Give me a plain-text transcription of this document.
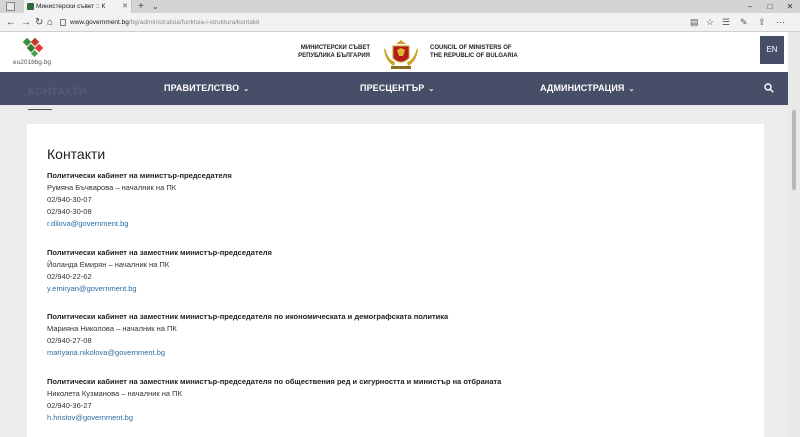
Министерски съвет :: К ✕ + ⌄	–	□	✕
← → ↻ ⌂	www.government.bg/bg/administratsia/funktsia-i-struktura/kontakti	▤ ☆ ☰ ✎ ⇪ ⋯
eu2018bg.bg
МИНИСТЕРСКИ СЪВЕТ
РЕПУБЛИКА БЪЛГАРИЯ
COUNCIL OF MINISTERS OF
THE REPUBLIC OF BULGARIA
EN
ПРАВИТЕЛСТВО ⌄	ПРЕСЦЕНТЪР ⌄	АДМИНИСТРАЦИЯ ⌄
КОНТАКТИ
Контакти
Политически кабинет на министър-председателя
Румяна Бъчварова – началник на ПК
02/940-30-07
02/940-30-08
r.dilova@government.bg
Политически кабинет на заместник министър-председателя
Йоланда Емирян – началник на ПК
02/940-22-62
y.emiryan@government.bg
Политически кабинет на заместник министър-председателя по икономическата и демографската политика
Марияна Николова – началник на ПК
02/940-27-08
mariyana.nikolova@government.bg
Политически кабинет на заместник министър-председателя по обществения ред и сигурността и министър на отбраната
Николета Кузманова – началник на ПК
02/940-36-27
h.hristov@government.bg
